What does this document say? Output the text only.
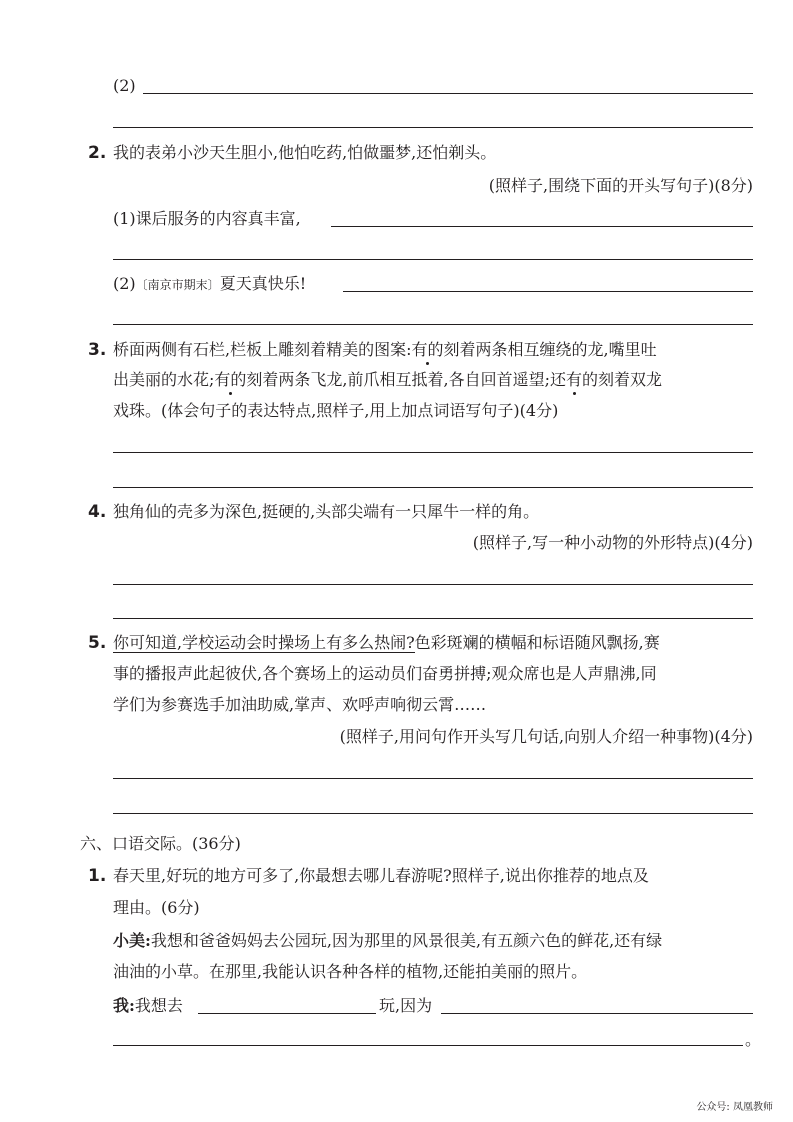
(2)
2. 我的表弟小沙天生胆小,他怕吃药,怕做噩梦,还怕剃头。
(照样子,围绕下面的开头写句子)(8分)
(1)课后服务的内容真丰富,
(2)〔南京市期末〕夏天真快乐!
3. 桥面两侧有石栏,栏板上雕刻着精美的图案:有的刻着两条相互缠绕的龙,嘴里吐
出美丽的水花;有的刻着两条飞龙,前爪相互抵着,各自回首遥望;还有的刻着双龙
戏珠。(体会句子的表达特点,照样子,用上加点词语写句子)(4分)
4. 独角仙的壳多为深色,挺硬的,头部尖端有一只犀牛一样的角。
(照样子,写一种小动物的外形特点)(4分)
5. 你可知道,学校运动会时操场上有多么热闹?色彩斑斓的横幅和标语随风飘扬,赛
事的播报声此起彼伏,各个赛场上的运动员们奋勇拼搏;观众席也是人声鼎沸,同
学们为参赛选手加油助威,掌声、欢呼声响彻云霄……
(照样子,用问句作开头写几句话,向别人介绍一种事物)(4分)
六、口语交际。(36分)
1. 春天里,好玩的地方可多了,你最想去哪儿春游呢?照样子,说出你推荐的地点及
理由。(6分)
小美:我想和爸爸妈妈去公园玩,因为那里的风景很美,有五颜六色的鲜花,还有绿
油油的小草。在那里,我能认识各种各样的植物,还能拍美丽的照片。
我:我想去	玩,因为
。
公众号: 凤凰教师
